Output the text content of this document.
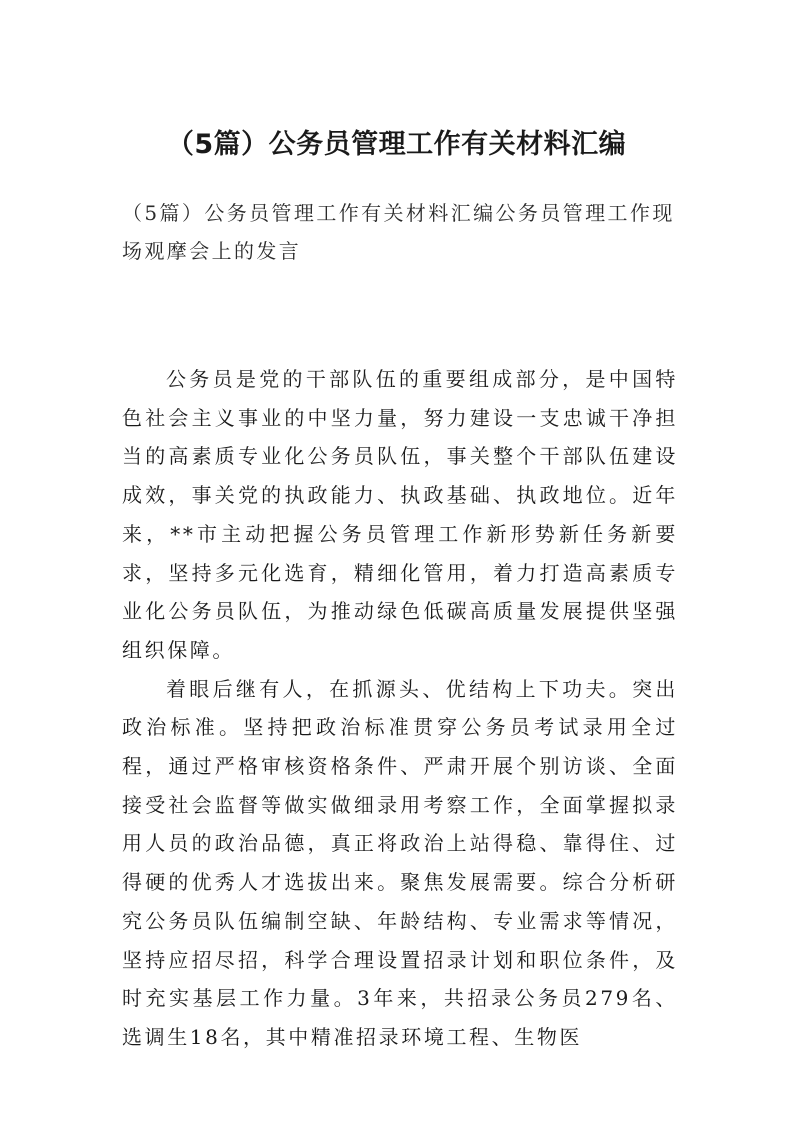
（5篇）公务员管理工作有关材料汇编

（5篇）公务员管理工作有关材料汇编公务员管理工作现场观摩会上的发言

公务员是党的干部队伍的重要组成部分，是中国特色社会主义事业的中坚力量，努力建设一支忠诚干净担当的高素质专业化公务员队伍，事关整个干部队伍建设成效，事关党的执政能力、执政基础、执政地位。近年来，**市主动把握公务员管理工作新形势新任务新要求，坚持多元化选育，精细化管用，着力打造高素质专业化公务员队伍，为推动绿色低碳高质量发展提供坚强组织保障。

着眼后继有人，在抓源头、优结构上下功夫。突出政治标准。坚持把政治标准贯穿公务员考试录用全过程，通过严格审核资格条件、严肃开展个别访谈、全面接受社会监督等做实做细录用考察工作，全面掌握拟录用人员的政治品德，真正将政治上站得稳、靠得住、过得硬的优秀人才选拔出来。聚焦发展需要。综合分析研究公务员队伍编制空缺、年龄结构、专业需求等情况，坚持应招尽招，科学合理设置招录计划和职位条件，及时充实基层工作力量。3年来，共招录公务员279名、选调生18名，其中精准招录环境工程、生物医
